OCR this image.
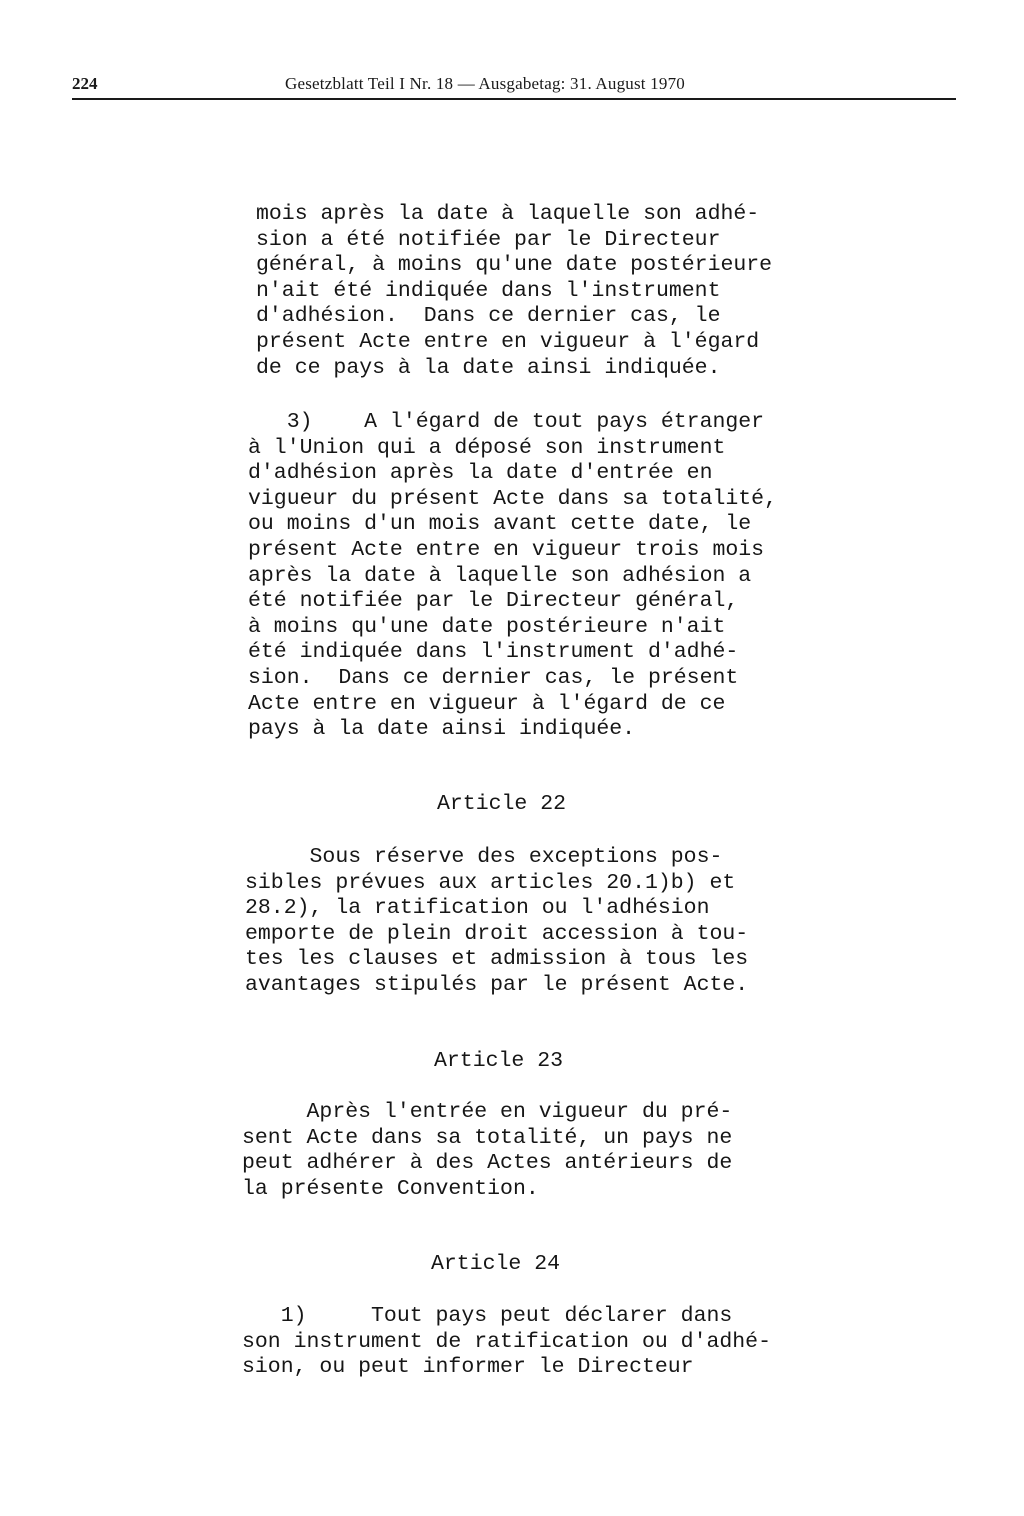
224	Gesetzblatt Teil I Nr. 18 — Ausgabetag: 31. August 1970

mois après la date à laquelle son adhé-
sion a été notifiée par le Directeur
général, à moins qu'une date postérieure
n'ait été indiquée dans l'instrument
d'adhésion.  Dans ce dernier cas, le
présent Acte entre en vigueur à l'égard
de ce pays à la date ainsi indiquée.

3)    A l'égard de tout pays étranger
à l'Union qui a déposé son instrument
d'adhésion après la date d'entrée en
vigueur du présent Acte dans sa totalité,
ou moins d'un mois avant cette date, le
présent Acte entre en vigueur trois mois
après la date à laquelle son adhésion a
été notifiée par le Directeur général,
à moins qu'une date postérieure n'ait
été indiquée dans l'instrument d'adhé-
sion.  Dans ce dernier cas, le présent
Acte entre en vigueur à l'égard de ce
pays à la date ainsi indiquée.

Article 22

Sous réserve des exceptions pos-
sibles prévues aux articles 20.1)b) et
28.2), la ratification ou l'adhésion
emporte de plein droit accession à tou-
tes les clauses et admission à tous les
avantages stipulés par le présent Acte.

Article 23

Après l'entrée en vigueur du pré-
sent Acte dans sa totalité, un pays ne
peut adhérer à des Actes antérieurs de
la présente Convention.

Article 24

1)     Tout pays peut déclarer dans
son instrument de ratification ou d'adhé-
sion, ou peut informer le Directeur
